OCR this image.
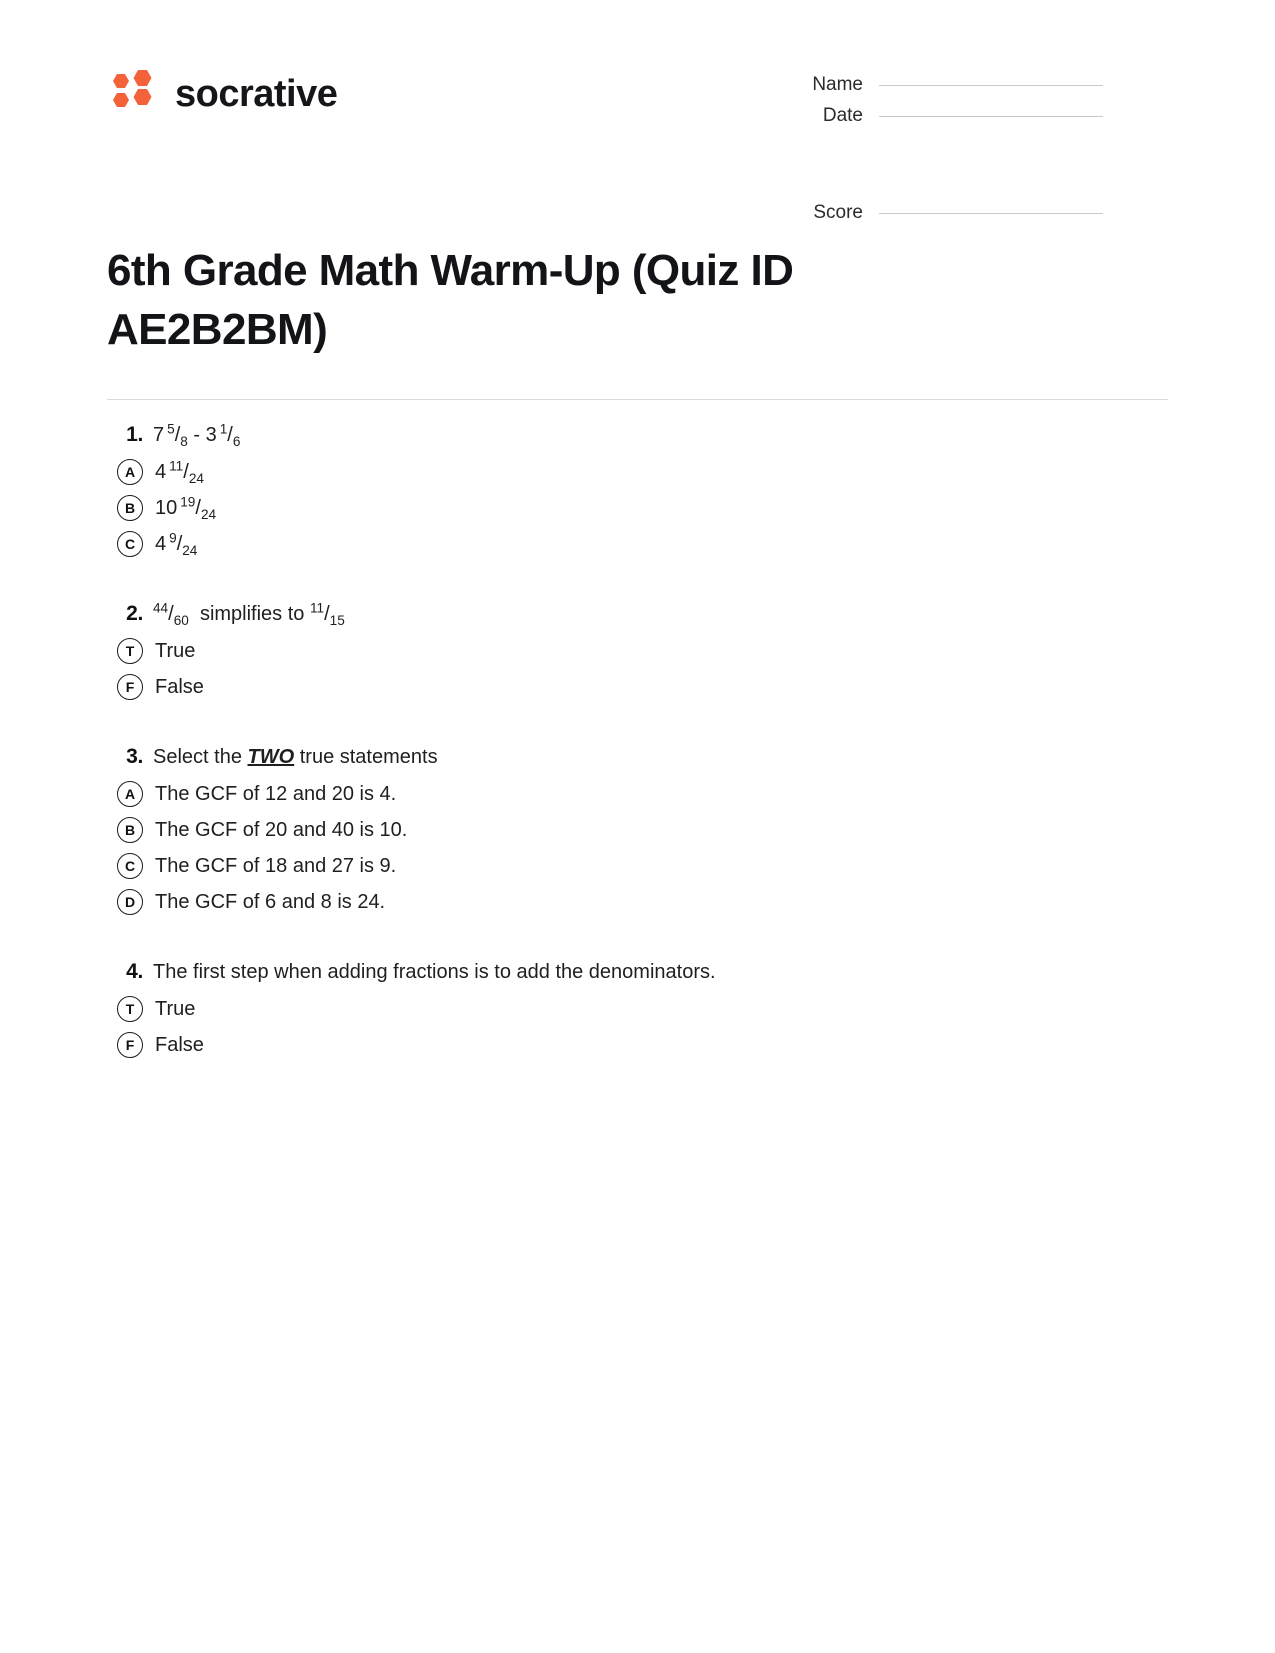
socrative	Name
Date
Score
6th Grade Math Warm-Up (Quiz ID AE2B2BM)
1. 7 $^5/_8 - 3$ $^1/_6$
A 4 $^{11}/_{24}$
B 10 $^{19}/_{24}$
C 4 $^9/_{24}$
2. $^{44}/_{60}$ simplifies to $^{11}/_{15}$
T	True
F	False
3. Select the TWO true statements
A The GCF of 12 and 20 is 4.
B The GCF of 20 and 40 is 10.
C The GCF of 18 and 27 is 9.
D The GCF of 6 and 8 is 24.
4. The first step when adding fractions is to add the denominators.
T	True
F	False
